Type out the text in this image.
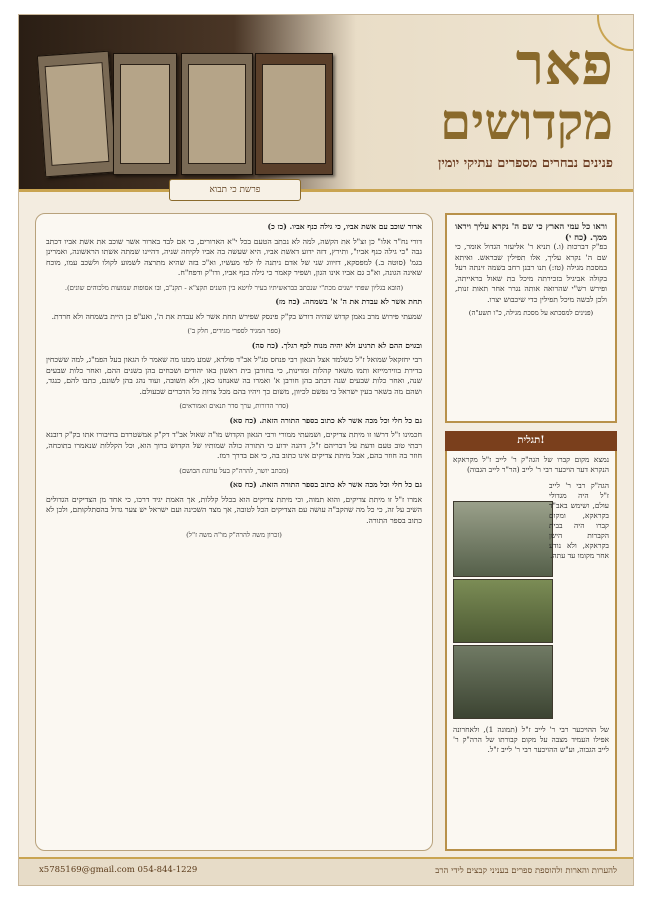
פאר
מקדושים
פנינים נבחרים מספרים עתיקי יומין
פרשת כי תבוא

ארור שוכב עם אשת אביו, כי גילה כנף אביו. (כז כ)

דורי נח"ר אלו" כן זצ"ל את הקשה, למה לא נכתב הטעם בכל י"א הארורים, כי אם לבד בארור אשר שוכב את אשת אביו דכתב גבה "כי גילה כנף אביו", ותירץ, דזה ידוע דאשת אביו, היא שעשה בה אביו לקיחה שניה, דהיינו שמתה אשתו הראשונה, ואמרינן בגמ' (סוטה ב.) למפסקא, דזיווג שני של אדם ניתנה לו לפי מעשיו, וא"כ בזה שהיא מתרצה לשמוע לקולו ולשכב עמו, מוכח שאינה הגונה, וא"כ גם אביו אינו הגון, ושפיר קאמר כי גילה כנף אביו, ודו"ק ודפח"ח.

(הובא בגליון שפתי ישנים מכת"י שנכתב כבראשיתיו בעיר לויטא בין השנים תקצ"א - תקנ"ב, ובו אסופות שמועות מלכוהים שונים).

תחת אשר לא עבדת את ה' א' בשמחה. (כח מז)

שמעתי פירוש מרב נאמן קדוש שהיה דורש בק"ק פינסק שפירש תחת אשר לא עבדת את ה', ואע"פ כן היית בשמחה ולא חרדת.

(ספר המגיד לספרי מגידים, חלק ב')

ובגוים ההם לא תרגיע ולא יהיה מנוח לכף רגלך. (כח סה)

רבי יחזקאל שמואל ז"ל כשלמד אצל הגאון רבי פנחס סג"ל אב"ד פולדא, שמע ממנו מה שאמר לו הגאון בעל הפמ"ג, למה ששכחין בדירת בווירמייזא ותמו משאר קהלות ומדינות, כי בחורבן בית ראשון באו יהודים ושכחים בהן בשנים ההם, ואחר כלות שבעים שנה, ואחר כלות שבעים שנה דכתב בהן חורבן א' ואמרו בה שאנחנו כאן, ולא תשובה, ועוד נהג בהן לשונם, כתבו להם, כנגד, ושהם מה בשאר בעין ישראל כי נפשם לכיוון, משום כך ויהיו בהם מכל צרות כל הדברים שבעולם.

(סדר הדורות, ערך סדר תנאים ואמוראים)

גם כל חלי וכל מכה אשר לא כתוב בספר התורה הזאת. (כח סא)

חכמינו ז"ל דרשו זו מיתת צדיקים, ושמעתי ממורי ורבי הגאון הקדוש מו"ה שאול אב"ד דק"ק אמשטרדם בחיבורו אתו בק"ק דובנא רבתי טוב טעם ודעת על דבריהם ז"ל, דהנה ידוע כי התורה כולה שמותיו של הקדוש ברוך הוא, וכל הקללות שנאמרו בתוכחה, חוזר בה חוזר בהם, אבל מיתת צדיקים אינו כתוב בה, כי אם בדרך רמז.

(מכתב יושר, להרה"ק בעל ערוגת הבושם)

גם כל חלי וכל מכה אשר לא כתוב בספר התורה הזאת. (כח סא)

אמרו ז"ל זו מיתת צדיקים, והוא תמוה, וכי מיתת צדיקים הוא בכלל קללות, אך האמת יגיד דרכו, כי אחד מן הצדיקים הגדולים השיב על זה, כי כל מה שהקב"ה עושה עם הצדיקים הכל לטובה, אך מצד השכינה ועם ישראל יש צער גדול בהסתלקותם, ולכן לא כתוב בספר התורה.

(זכרון משה להרה"ק מו"ה משה ז"ל)

וראו כל עמי הארץ כי שם ה' נקרא עליך ויראו ממך. (כח י)
בפ"ק דברכות (ו.) תניא ר' אליעזר הגדול אומר, כי שם ה' נקרא עליך, אלו תפילין שבראש. ואיתא במסכת מגילה (טז:) תנו רבנן רחב בשמה זינתה רעל בקולה אביגיל בזכירתה מיכל בת שאול בראייתה, ופירש רש"י שהרואה אותה נגרר אחר תאות זנות, ולכן לבשה מיכל תפילין כדי שיכבוש יצרו.
(פנינים למסכתא על מסכת מגילה, כ"ו תשע"ה)
תגלית!
נמצא מקום קברו של הגה"ק ר' לייב ז"ל מקראקא הנקרא דער הויכער רבי ר' לייב (הר"ר לייב הגבוה)
הגה"ק רבי ר' לייב ז"ל היה מגדולי עולם, ושימש באב"ד בקראקא, ומקום קברו היה בבית הקברות הישן בקראקא, ולא נודע אחר מקומו עד עתה.
של ההויכער רבי ר' לייב ז"ל (תמונה 1), ולאחרונה אפילו העמיד מצבה על מקום קבורתו של הרה"ק ר' לייב הגבוה, וע"ש ההויכער רבי ר' לייב ז"ל.
x5785169@gmail.com 054-844-1229	להערות והארות ולהוספת ספרים בעניני קבצים לידי הרב
